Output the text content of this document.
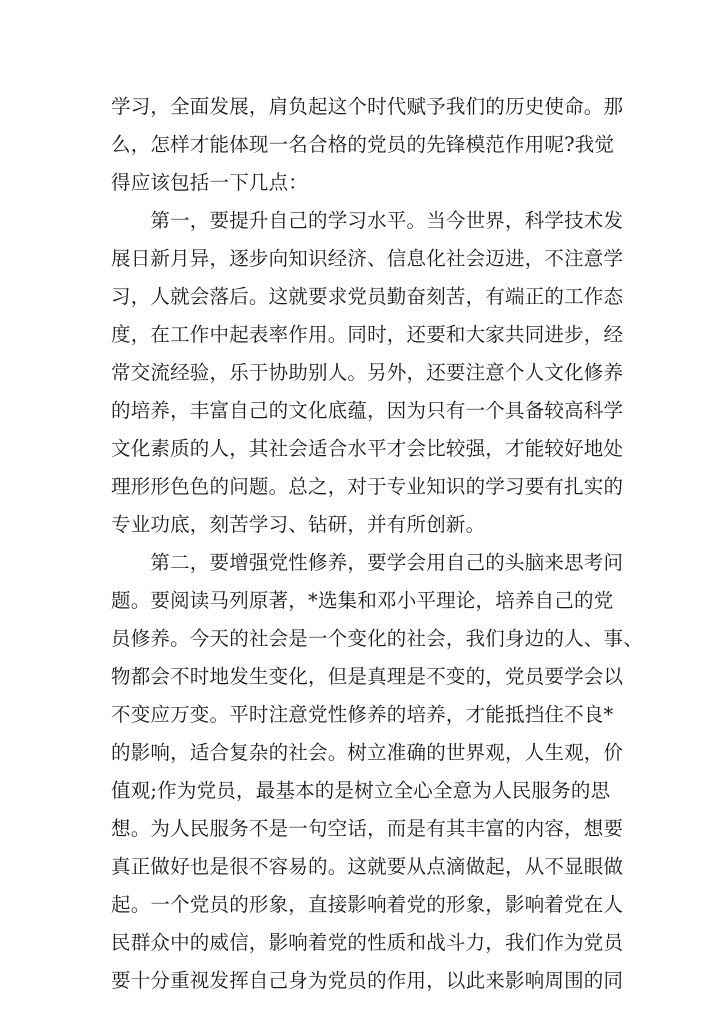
学习，全面发展，肩负起这个时代赋予我们的历史使命。那
么，怎样才能体现一名合格的党员的先锋模范作用呢?我觉
得应该包括一下几点：
　　第一，要提升自己的学习水平。当今世界，科学技术发
展日新月异，逐步向知识经济、信息化社会迈进，不注意学
习，人就会落后。这就要求党员勤奋刻苦，有端正的工作态
度，在工作中起表率作用。同时，还要和大家共同进步，经
常交流经验，乐于协助别人。另外，还要注意个人文化修养
的培养，丰富自己的文化底蕴，因为只有一个具备较高科学
文化素质的人，其社会适合水平才会比较强，才能较好地处
理形形色色的问题。总之，对于专业知识的学习要有扎实的
专业功底，刻苦学习、钻研，并有所创新。
　　第二，要增强党性修养，要学会用自己的头脑来思考问
题。要阅读马列原著，*选集和邓小平理论，培养自己的党
员修养。今天的社会是一个变化的社会，我们身边的人、事、
物都会不时地发生变化，但是真理是不变的，党员要学会以
不变应万变。平时注意党性修养的培养，才能抵挡住不良*
的影响，适合复杂的社会。树立准确的世界观，人生观，价
值观;作为党员，最基本的是树立全心全意为人民服务的思
想。为人民服务不是一句空话，而是有其丰富的内容，想要
真正做好也是很不容易的。这就要从点滴做起，从不显眼做
起。一个党员的形象，直接影响着党的形象，影响着党在人
民群众中的威信，影响着党的性质和战斗力，我们作为党员
要十分重视发挥自己身为党员的作用，以此来影响周围的同
